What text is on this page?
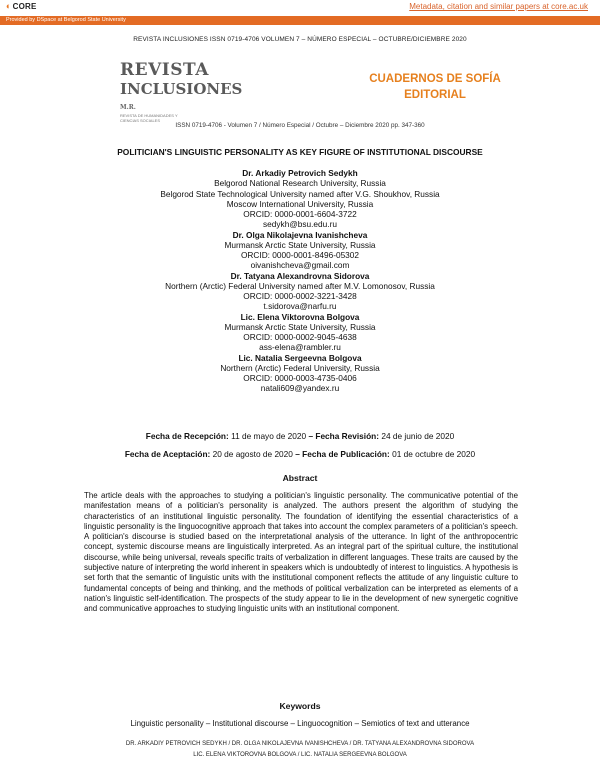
◐CORE	Metadata, citation and similar papers at core.ac.uk
Provided by DSpace at Belgorod State University
REVISTA INCLUSIONES ISSN 0719-4706 VOLUMEN 7 – NÚMERO ESPECIAL – OCTUBRE/DICIEMBRE 2020
REVISTA
INCLUSIONES M.R.
REVISTA DE HUMANIDADES Y CIENCIAS SOCIALES
CUADERNOS DE SOFÍA
EDITORIAL
ISSN 0719-4706 - Volumen 7 / Número Especial / Octubre – Diciembre 2020 pp. 347-360
POLITICIAN'S LINGUISTIC PERSONALITY AS KEY FIGURE OF INSTITUTIONAL DISCOURSE
Dr. Arkadiy Petrovich Sedykh
Belgorod National Research University, Russia
Belgorod State Technological University named after V.G. Shoukhov, Russia
Moscow International University, Russia
ORCID: 0000-0001-6604-3722
sedykh@bsu.edu.ru
Dr. Olga Nikolajevna Ivanishcheva
Murmansk Arctic State University, Russia
ORCID: 0000-0001-8496-05302
oivanishcheva@gmail.com
Dr. Tatyana Alexandrovna Sidorova
Northern (Arctic) Federal University named after M.V. Lomonosov, Russia
ORCID: 0000-0002-3221-3428
t.sidorova@narfu.ru
Lic. Elena Viktorovna Bolgova
Murmansk Arctic State University, Russia
ORCID: 0000-0002-9045-4638
ass-elena@rambler.ru
Lic. Natalia Sergeevna Bolgova
Northern (Arctic) Federal University, Russia
ORCID: 0000-0003-4735-0406
natali609@yandex.ru
Fecha de Recepción: 11 de mayo de 2020 – Fecha Revisión: 24 de junio de 2020
Fecha de Aceptación: 20 de agosto de 2020 – Fecha de Publicación: 01 de octubre de 2020
Abstract
The article deals with the approaches to studying a politician's linguistic personality. The communicative potential of the manifestation means of a politician's personality is analyzed. The authors present the algorithm of studying the characteristics of an institutional linguistic personality. The foundation of identifying the essential characteristics of a linguistic personality is the linguocognitive approach that takes into account the complex parameters of a politician's speech. A politician's discourse is studied based on the interpretational analysis of the utterance. In light of the anthropocentric concept, systemic discourse means are linguistically interpreted. As an integral part of the spiritual culture, the institutional discourse, while being universal, reveals specific traits of verbalization in different languages. These traits are caused by the subjective nature of interpreting the world inherent in speakers which is undoubtedly of interest to linguistics. A hypothesis is set forth that the semantic of linguistic units with the institutional component reflects the attitude of any linguistic culture to fundamental concepts of being and thinking, and the methods of political verbalization can be interpreted as elements of a nation's linguistic self-identification. The prospects of the study appear to lie in the development of new synergetic cognitive and communicative approaches to studying linguistic units with an institutional component.
Keywords
Linguistic personality – Institutional discourse – Linguocognition – Semiotics of text and utterance
DR. ARKADIY PETROVICH SEDYKH / DR. OLGA NIKOLAJEVNA IVANISHCHEVA / DR. TATYANA ALEXANDROVNA SIDOROVA
LIC. ELENA VIKTOROVNA BOLGOVA / LIC. NATALIA SERGEEVNA BOLGOVA
